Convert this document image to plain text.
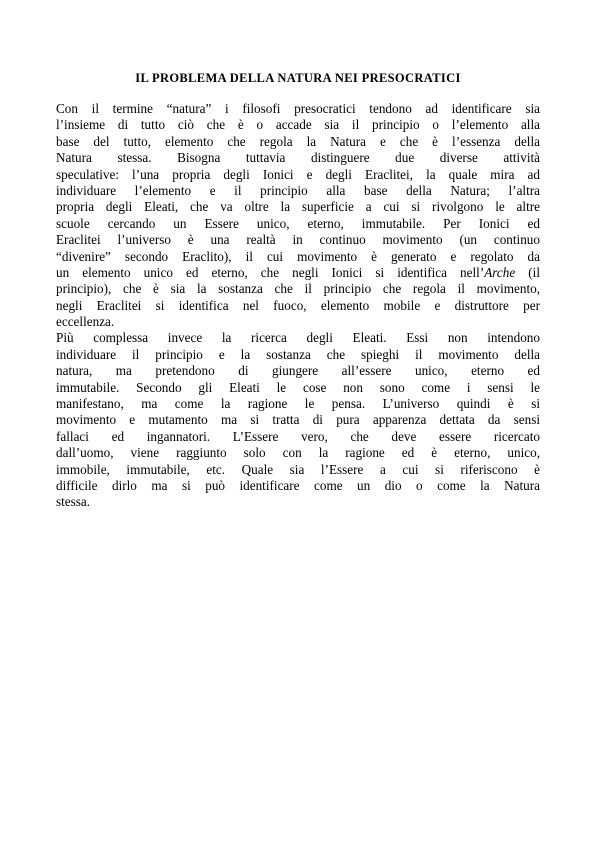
IL PROBLEMA DELLA NATURA NEI PRESOCRATICI
Con il termine “natura” i filosofi presocratici tendono ad identificare sia
l’insieme di tutto ciò che è o accade sia il principio o l’elemento alla
base del tutto, elemento che regola la Natura e che è l’essenza della
Natura stessa. Bisogna tuttavia distinguere due diverse attività
speculative: l’una propria degli Ionici e degli Eraclitei, la quale mira ad
individuare l’elemento e il principio alla base della Natura; l’altra
propria degli Eleati, che va oltre la superficie a cui si rivolgono le altre
scuole cercando un Essere unico, eterno, immutabile. Per Ionici ed
Eraclitei l’universo è una realtà in continuo movimento (un continuo
“divenire” secondo Eraclito), il cui movimento è generato e regolato da
un elemento unico ed eterno, che negli Ionici si identifica nell’Arche (il
principio), che è sia la sostanza che il principio che regola il movimento,
negli Eraclitei si identifica nel fuoco, elemento mobile e distruttore per
eccellenza.
Più complessa invece la ricerca degli Eleati. Essi non intendono
individuare il principio e la sostanza che spieghi il movimento della
natura, ma pretendono di giungere all’essere unico, eterno ed
immutabile. Secondo gli Eleati le cose non sono come i sensi le
manifestano, ma come la ragione le pensa. L’universo quindi è si
movimento e mutamento ma si tratta di pura apparenza dettata da sensi
fallaci ed ingannatori. L’Essere vero, che deve essere ricercato
dall’uomo, viene raggiunto solo con la ragione ed è eterno, unico,
immobile, immutabile, etc. Quale sia l’Essere a cui si riferiscono è
difficile dirlo ma si può identificare come un dio o come la Natura
stessa.
